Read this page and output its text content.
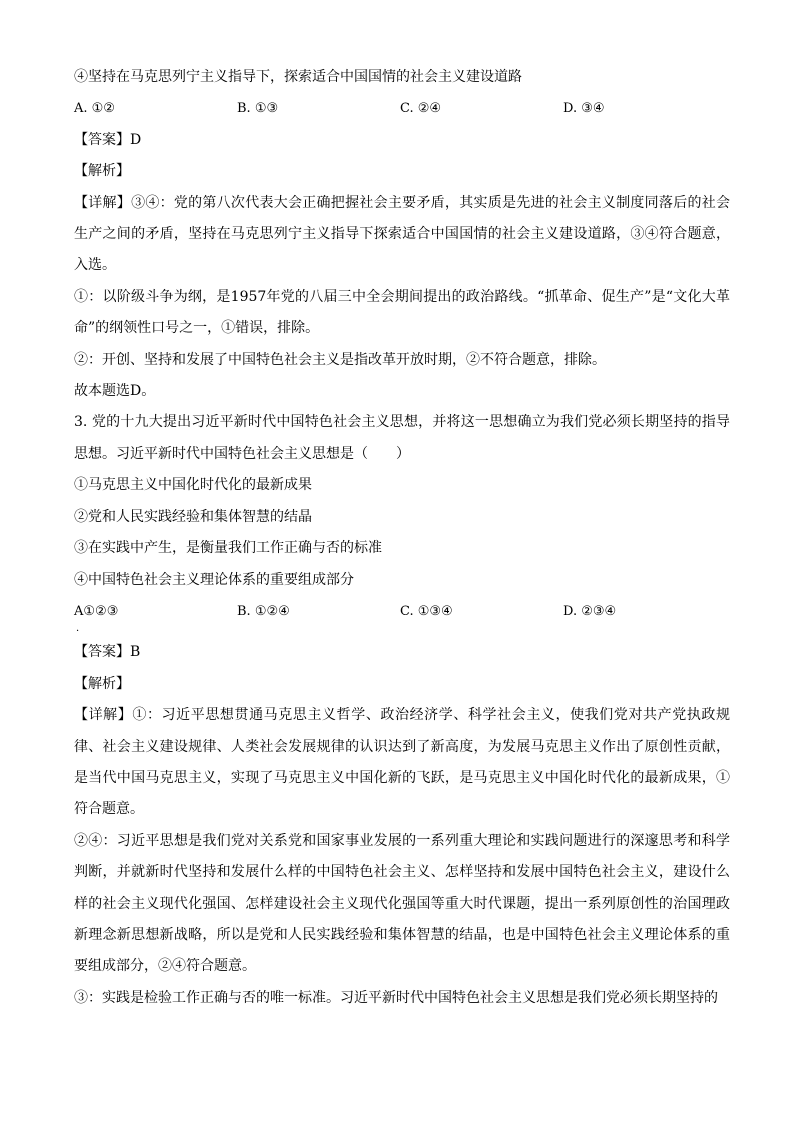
④坚持在马克思列宁主义指导下，探索适合中国国情的社会主义建设道路
A. ①②	B. ①③	C. ②④	D. ③④
【答案】D
【解析】
【详解】③④：党的第八次代表大会正确把握社会主要矛盾，其实质是先进的社会主义制度同落后的社会生产之间的矛盾，坚持在马克思列宁主义指导下探索适合中国国情的社会主义建设道路，③④符合题意，入选。
①：以阶级斗争为纲，是1957年党的八届三中全会期间提出的政治路线。“抓革命、促生产”是“文化大革命”的纲领性口号之一，①错误，排除。
②：开创、坚持和发展了中国特色社会主义是指改革开放时期，②不符合题意，排除。
故本题选D。
3. 党的十九大提出习近平新时代中国特色社会主义思想，并将这一思想确立为我们党必须长期坚持的指导思想。习近平新时代中国特色社会主义思想是（　　）
①马克思主义中国化时代化的最新成果
②党和人民实践经验和集体智慧的结晶
③在实践中产生，是衡量我们工作正确与否的标准
④中国特色社会主义理论体系的重要组成部分
A①②③	B. ①②④	C. ①③④	D. ②③④
·
【答案】B
【解析】
【详解】①：习近平思想贯通马克思主义哲学、政治经济学、科学社会主义，使我们党对共产党执政规律、社会主义建设规律、人类社会发展规律的认识达到了新高度，为发展马克思主义作出了原创性贡献，是当代中国马克思主义，实现了马克思主义中国化新的飞跃，是马克思主义中国化时代化的最新成果，①符合题意。
②④：习近平思想是我们党对关系党和国家事业发展的一系列重大理论和实践问题进行的深邃思考和科学判断，并就新时代坚持和发展什么样的中国特色社会主义、怎样坚持和发展中国特色社会主义，建设什么样的社会主义现代化强国、怎样建设社会主义现代化强国等重大时代课题，提出一系列原创性的治国理政新理念新思想新战略，所以是党和人民实践经验和集体智慧的结晶，也是中国特色社会主义理论体系的重要组成部分，②④符合题意。
③：实践是检验工作正确与否的唯一标准。习近平新时代中国特色社会主义思想是我们党必须长期坚持的
